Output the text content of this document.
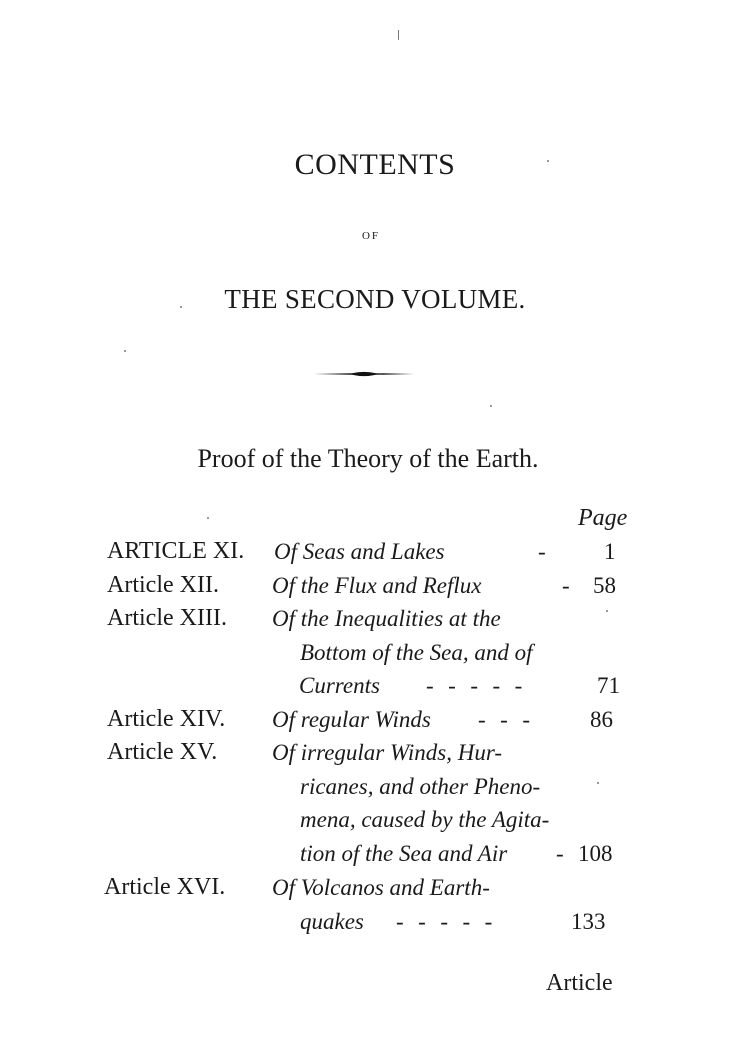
CONTENTS
OF
THE SECOND VOLUME.
Proof of the Theory of the Earth.
Page
ARTICLE XI. Of Seas and Lakes	- 1
Article XII. Of the Flux and Reflux	- 58
Article XIII. Of the Inequalities at the
Bottom of the Sea, and of
Currents -  -  -  -  -	71
Article XIV. Of regular Winds -  -  -	86
Article XV. Of irregular Winds, Hur-
ricanes, and other Pheno-
mena, caused by the Agita-
tion of the Sea and Air - 108
Article XVI. Of Volcanos and Earth-
quakes -  -  -  -  -	133
Article
